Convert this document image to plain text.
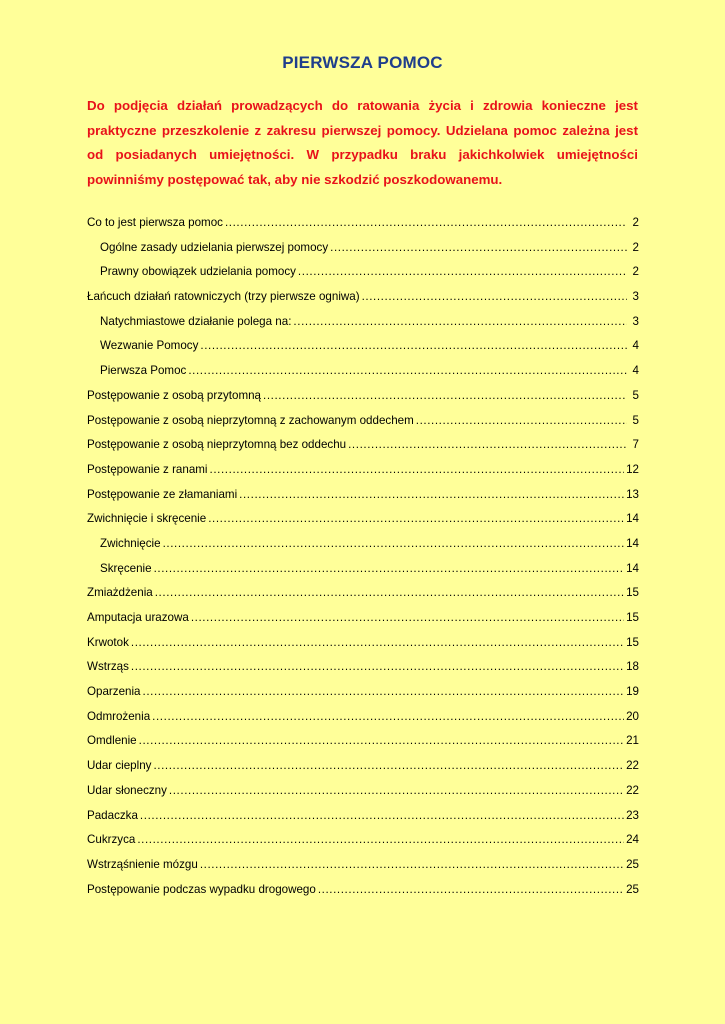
PIERWSZA POMOC

Do podjęcia działań prowadzących do ratowania życia i zdrowia konieczne jest praktyczne przeszkolenie z zakresu pierwszej pomocy. Udzielana pomoc zależna jest od posiadanych umiejętności. W przypadku braku jakichkolwiek umiejętności powinniśmy postępować tak, aby nie szkodzić poszkodowanemu.

Co to jest pierwsza pomoc .....	2
Ogólne zasady udzielania pierwszej pomocy .....	2
Prawny obowiązek udzielania pomocy .....	2
Łańcuch działań ratowniczych (trzy pierwsze ogniwa) .....	3
Natychmiastowe działanie polega na: .....	3
Wezwanie Pomocy .....	4
Pierwsza Pomoc .....	4
Postępowanie z osobą przytomną .....	5
Postępowanie z osobą nieprzytomną z zachowanym oddechem .....	5
Postępowanie z osobą nieprzytomną bez oddechu .....	7
Postępowanie z ranami .....	12
Postępowanie ze złamaniami .....	13
Zwichnięcie i skręcenie .....	14
Zwichnięcie .....	14
Skręcenie .....	14
Zmiażdżenia .....	15
Amputacja urazowa .....	15
Krwotok .....	15
Wstrząs .....	18
Oparzenia .....	19
Odmrożenia .....	20
Omdlenie .....	21
Udar cieplny .....	22
Udar słoneczny .....	22
Padaczka .....	23
Cukrzyca .....	24
Wstrząśnienie mózgu .....	25
Postępowanie podczas wypadku drogowego .....	25
